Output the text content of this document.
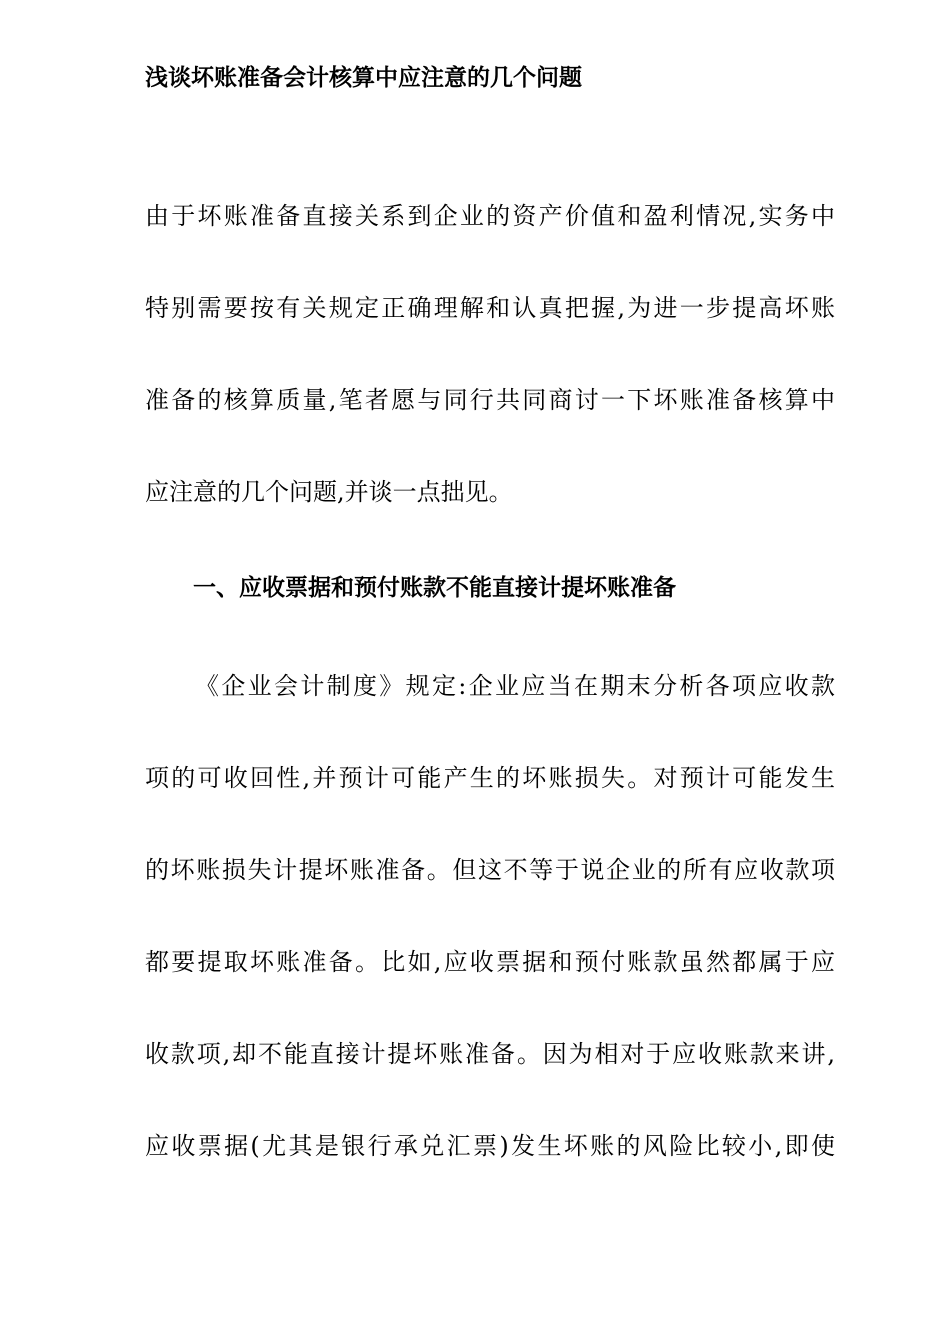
浅谈坏账准备会计核算中应注意的几个问题
由于坏账准备直接关系到企业的资产价值和盈利情况,实务中
特别需要按有关规定正确理解和认真把握,为进一步提高坏账
准备的核算质量,笔者愿与同行共同商讨一下坏账准备核算中
应注意的几个问题,并谈一点拙见。
一、应收票据和预付账款不能直接计提坏账准备
《企业会计制度》规定:企业应当在期末分析各项应收款
项的可收回性,并预计可能产生的坏账损失。对预计可能发生
的坏账损失计提坏账准备。但这不等于说企业的所有应收款项
都要提取坏账准备。比如,应收票据和预付账款虽然都属于应
收款项,却不能直接计提坏账准备。因为相对于应收账款来讲,
应收票据(尤其是银行承兑汇票)发生坏账的风险比较小,即使
